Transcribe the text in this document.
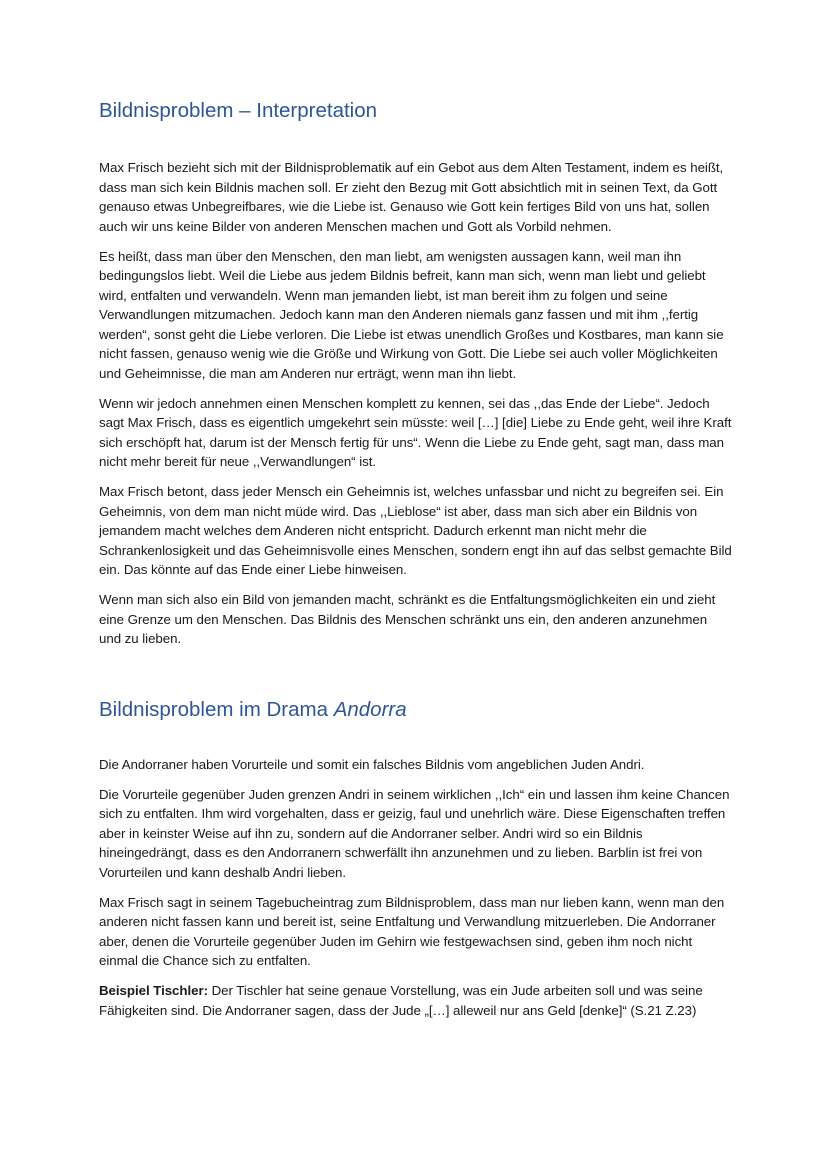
Bildnisproblem – Interpretation

Max Frisch bezieht sich mit der Bildnisproblematik auf ein Gebot aus dem Alten Testament, indem es heißt, dass man sich kein Bildnis machen soll. Er zieht den Bezug mit Gott absichtlich mit in seinen Text, da Gott genauso etwas Unbegreifbares, wie die Liebe ist. Genauso wie Gott kein fertiges Bild von uns hat, sollen auch wir uns keine Bilder von anderen Menschen machen und Gott als Vorbild nehmen.

Es heißt, dass man über den Menschen, den man liebt, am wenigsten aussagen kann, weil man ihn bedingungslos liebt. Weil die Liebe aus jedem Bildnis befreit, kann man sich, wenn man liebt und geliebt wird, entfalten und verwandeln. Wenn man jemanden liebt, ist man bereit ihm zu folgen und seine Verwandlungen mitzumachen. Jedoch kann man den Anderen niemals ganz fassen und mit ihm ,,fertig werden“, sonst geht die Liebe verloren. Die Liebe ist etwas unendlich Großes und Kostbares, man kann sie nicht fassen, genauso wenig wie die Größe und Wirkung von Gott. Die Liebe sei auch voller Möglichkeiten und Geheimnisse, die man am Anderen nur erträgt, wenn man ihn liebt.

Wenn wir jedoch annehmen einen Menschen komplett zu kennen, sei das ,,das Ende der Liebe“. Jedoch sagt Max Frisch, dass es eigentlich umgekehrt sein müsste: weil […] [die] Liebe zu Ende geht, weil ihre Kraft sich erschöpft hat, darum ist der Mensch fertig für uns“. Wenn die Liebe zu Ende geht, sagt man, dass man nicht mehr bereit für neue ,,Verwandlungen“ ist.

Max Frisch betont, dass jeder Mensch ein Geheimnis ist, welches unfassbar und nicht zu begreifen sei. Ein Geheimnis, von dem man nicht müde wird. Das ,,Lieblose“ ist aber, dass man sich aber ein Bildnis von jemandem macht welches dem Anderen nicht entspricht. Dadurch erkennt man nicht mehr die Schrankenlosigkeit und das Geheimnisvolle eines Menschen, sondern engt ihn auf das selbst gemachte Bild ein. Das könnte auf das Ende einer Liebe hinweisen.

Wenn man sich also ein Bild von jemanden macht, schränkt es die Entfaltungsmöglichkeiten ein und zieht eine Grenze um den Menschen. Das Bildnis des Menschen schränkt uns ein, den anderen anzunehmen und zu lieben.

Bildnisproblem im Drama Andorra

Die Andorraner haben Vorurteile und somit ein falsches Bildnis vom angeblichen Juden Andri.

Die Vorurteile gegenüber Juden grenzen Andri in seinem wirklichen ,,Ich“ ein und lassen ihm keine Chancen sich zu entfalten. Ihm wird vorgehalten, dass er geizig, faul und unehrlich wäre. Diese Eigenschaften treffen aber in keinster Weise auf ihn zu, sondern auf die Andorraner selber. Andri wird so ein Bildnis hineingedrängt, dass es den Andorranern schwerfällt ihn anzunehmen und zu lieben. Barblin ist frei von Vorurteilen und kann deshalb Andri lieben.

Max Frisch sagt in seinem Tagebucheintrag zum Bildnisproblem, dass man nur lieben kann, wenn man den anderen nicht fassen kann und bereit ist, seine Entfaltung und Verwandlung mitzuerleben. Die Andorraner aber, denen die Vorurteile gegenüber Juden im Gehirn wie festgewachsen sind, geben ihm noch nicht einmal die Chance sich zu entfalten.

Beispiel Tischler: Der Tischler hat seine genaue Vorstellung, was ein Jude arbeiten soll und was seine Fähigkeiten sind. Die Andorraner sagen, dass der Jude „[…] alleweil nur ans Geld [denke]“ (S.21 Z.23)
